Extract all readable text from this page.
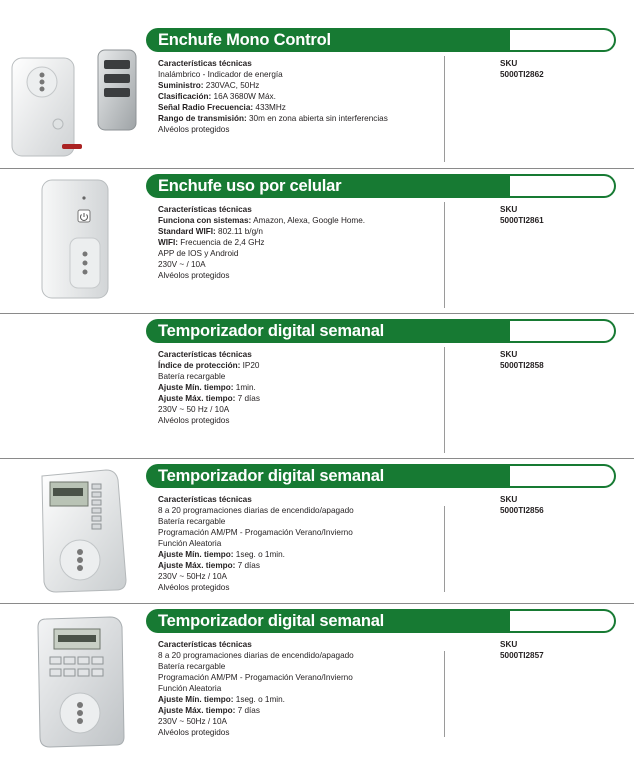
Enchufe Mono Control
Características técnicas
Inalámbrico - Indicador de energía
Suministro: 230VAC, 50Hz
Clasificación: 16A 3680W Máx.
Señal Radio Frecuencia: 433MHz
Rango de transmisión: 30m en zona abierta sin interferencias
Alvéolos protegidos
SKU
5000TI2862
Enchufe uso por celular
Características técnicas
Funciona con sistemas: Amazon, Alexa, Google Home.
Standard WIFI: 802.11 b/g/n
WIFI: Frecuencia de 2,4 GHz
APP de IOS y Android
230V ~ / 10A
Alvéolos protegidos
SKU
5000TI2861
Temporizador digital semanal
Características técnicas
Índice de protección: IP20
Batería recargable
Ajuste Mín. tiempo: 1min.
Ajuste Máx. tiempo: 7 días
230V ~ 50 Hz / 10A
Alvéolos protegidos
SKU
5000TI2858
Temporizador digital semanal
Características técnicas
8 a 20 programaciones diarias de encendido/apagado
Batería recargable
Programación AM/PM - Progamación Verano/Invierno
Función Aleatoria
Ajuste Mín. tiempo: 1seg. o 1min.
Ajuste Máx. tiempo: 7 días
230V ~ 50Hz / 10A
Alvéolos protegidos
SKU
5000TI2856
Temporizador digital semanal
Características técnicas
8 a 20 programaciones diarias de encendido/apagado
Batería recargable
Programación AM/PM - Progamación Verano/Invierno
Función Aleatoria
Ajuste Mín. tiempo: 1seg. o 1min.
Ajuste Máx. tiempo: 7 días
230V ~ 50Hz / 10A
Alvéolos protegidos
SKU
5000TI2857
